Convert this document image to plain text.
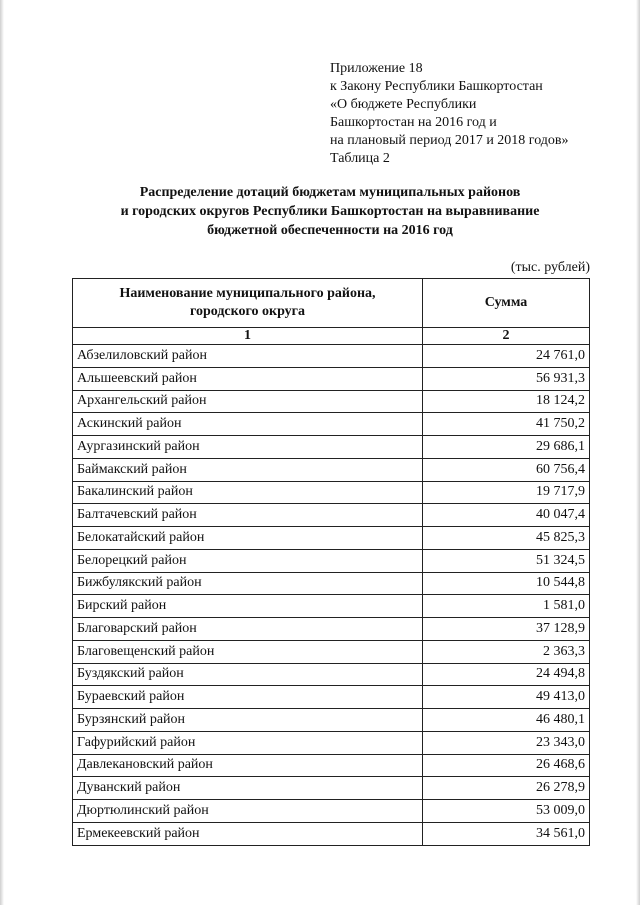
Приложение 18
к Закону Республики Башкортостан
«О бюджете Республики
Башкортостан на 2016 год и
на плановый период 2017 и 2018 годов»
Таблица 2
Распределение дотаций бюджетам муниципальных районов
и городских округов Республики Башкортостан на выравнивание
бюджетной обеспеченности на 2016 год
(тыс. рублей)
Наименование муниципального района,
городского округа	Сумма
1	2
Абзелиловский район	24 761,0
Альшеевский район	56 931,3
Архангельский район	18 124,2
Аскинский район	41 750,2
Аургазинский район	29 686,1
Баймакский район	60 756,4
Бакалинский район	19 717,9
Балтачевский район	40 047,4
Белокатайский район	45 825,3
Белорецкий район	51 324,5
Бижбулякский район	10 544,8
Бирский район	1 581,0
Благоварский район	37 128,9
Благовещенский район	2 363,3
Буздякский район	24 494,8
Бураевский район	49 413,0
Бурзянский район	46 480,1
Гафурийский район	23 343,0
Давлекановский район	26 468,6
Дуванский район	26 278,9
Дюртюлинский район	53 009,0
Ермекеевский район	34 561,0
